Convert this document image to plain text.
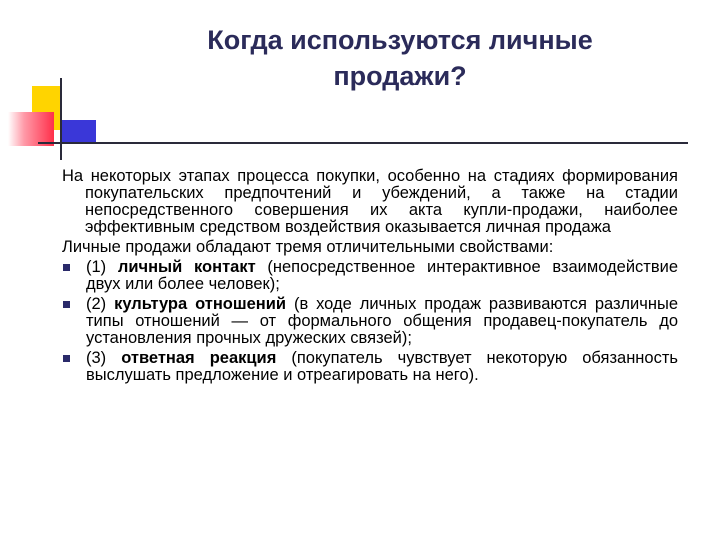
Когда используются личные
продажи?

На некоторых этапах процесса покупки, особенно на стадиях формирования покупательских предпочтений и убеждений, а также на стадии непосредственного совершения их акта купли-продажи, наиболее эффективным средством воздействия оказывается личная продажа

Личные продажи обладают тремя отличительными свойствами:

(1) личный контакт (непосредственное интерактивное взаимодействие двух или более человек);
(2) культура отношений (в ходе личных продаж развиваются различные типы отношений — от формального общения продавец-покупатель до установления прочных дружеских связей);
(3) ответная реакция (покупатель чувствует некоторую обязанность выслушать предложение и отреагировать на него).
